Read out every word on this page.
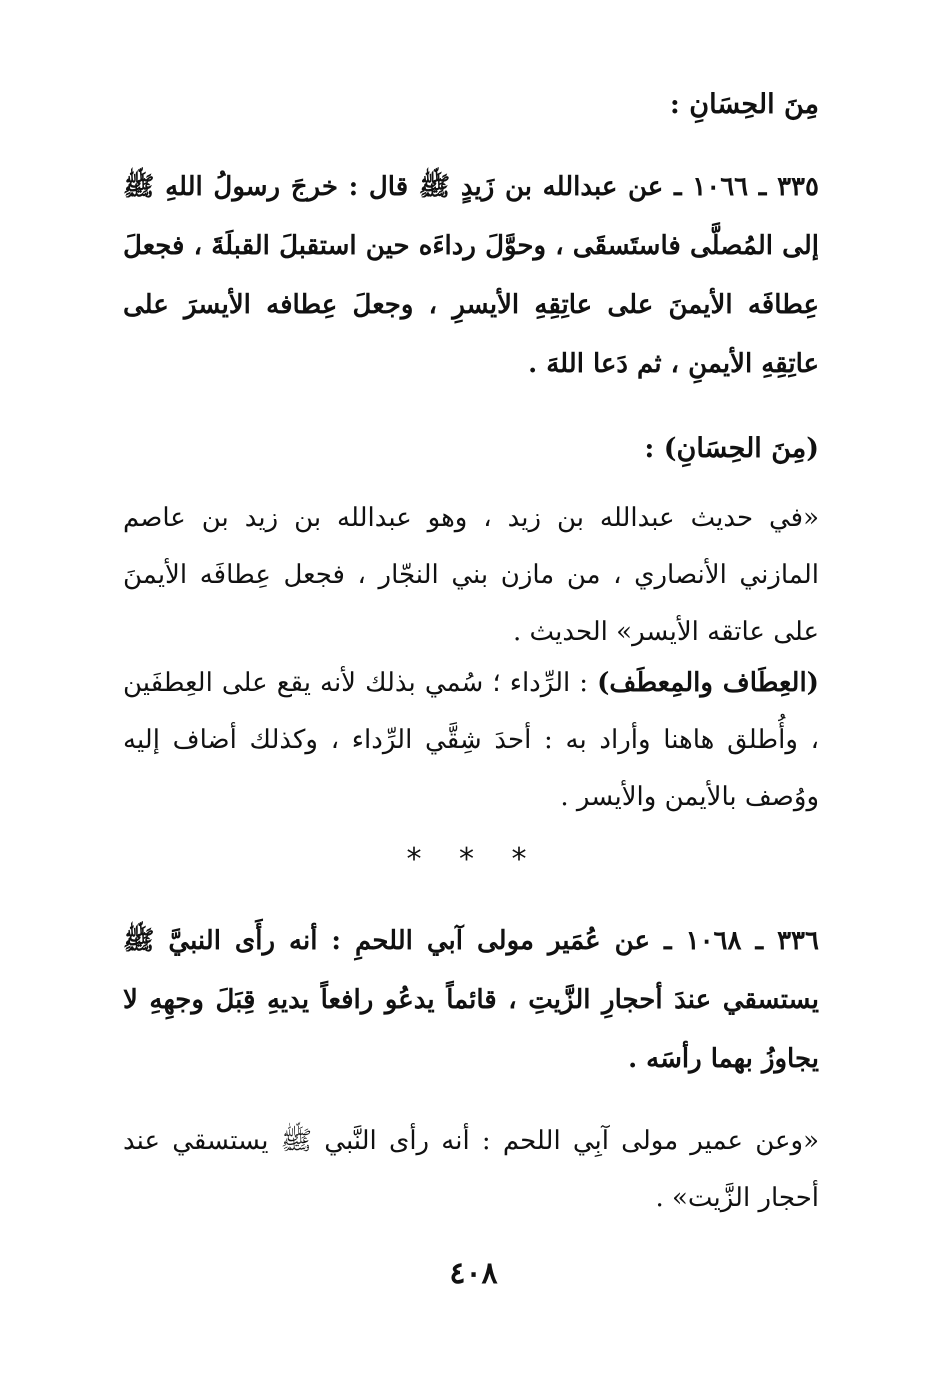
مِنَ الحِسَانِ :
٣٣٥ ـ ١٠٦٦ ـ عن عبدالله بن زَيدٍ ﷺ قال : خرجَ رسولُ اللهِ ﷺ إلى المُصلَّى فاستَسقَى ، وحوَّلَ رداءَه حين استقبلَ القبلَةَ ، فجعلَ عِطافَه الأيمنَ على عاتِقِهِ الأيسرِ ، وجعلَ عِطافه الأيسرَ على عاتِقِهِ الأيمنِ ، ثم دَعا اللهَ .
(مِنَ الحِسَانِ) :
«في حديث عبدالله بن زيد ، وهو عبدالله بن زيد بن عاصم المازني الأنصاري ، من مازن بني النجّار ، فجعل عِطافَه الأيمنَ على عاتقه الأيسر» الحديث .
(العِطَاف والمِعطَف) : الرِّداء ؛ سُمي بذلك لأنه يقع على العِطفَين ، وأُطلق هاهنا وأراد به : أحدَ شِقَّي الرِّداء ، وكذلك أضاف إليه ووُصف بالأيمن والأيسر .
* * *
٣٣٦ ـ ١٠٦٨ ـ عن عُمَير مولى آبي اللحمِ : أنه رأَى النبيَّ ﷺ يستسقي عندَ أحجارِ الزَّيتِ ، قائماً يدعُو رافعاً يديهِ قِبَلَ وجهِهِ لا يجاوزُ بهما رأسَه .
«وعن عمير مولى آبِي اللحم : أنه رأى النَّبي ﷺ يستسقي عند أحجار الزَّيت» .
٤٠٨
